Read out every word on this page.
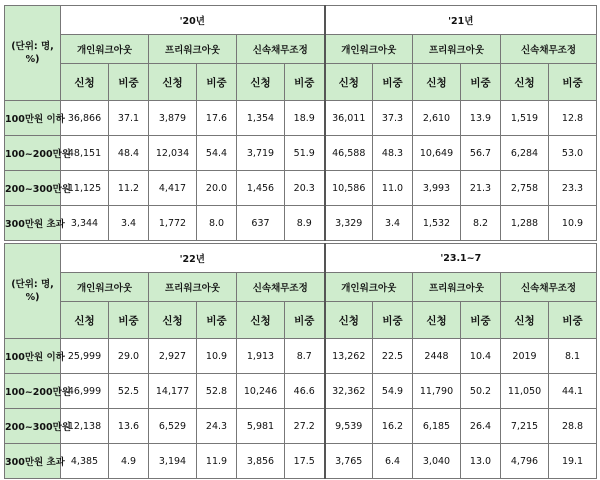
(단위: 명, %)	'20년						'21년					
	개인워크아웃		프리워크아웃		신속채무조정		개인워크아웃		프리워크아웃		신속채무조정	
	신청	비중	신청	비중	신청	비중	신청	비중	신청	비중	신청	비중
100만원 이하	36,866	37.1	3,879	17.6	1,354	18.9	36,011	37.3	2,610	13.9	1,519	12.8
100~200만원	48,151	48.4	12,034	54.4	3,719	51.9	46,588	48.3	10,649	56.7	6,284	53.0
200~300만원	11,125	11.2	4,417	20.0	1,456	20.3	10,586	11.0	3,993	21.3	2,758	23.3
300만원 초과	3,344	3.4	1,772	8.0	637	8.9	3,329	3.4	1,532	8.2	1,288	10.9
(단위: 명, %)	'22년						'23.1~7					
	개인워크아웃		프리워크아웃		신속채무조정		개인워크아웃		프리워크아웃		신속채무조정	
	신청	비중	신청	비중	신청	비중	신청	비중	신청	비중	신청	비중
100만원 이하	25,999	29.0	2,927	10.9	1,913	8.7	13,262	22.5	2448	10.4	2019	8.1
100~200만원	46,999	52.5	14,177	52.8	10,246	46.6	32,362	54.9	11,790	50.2	11,050	44.1
200~300만원	12,138	13.6	6,529	24.3	5,981	27.2	9,539	16.2	6,185	26.4	7,215	28.8
300만원 초과	4,385	4.9	3,194	11.9	3,856	17.5	3,765	6.4	3,040	13.0	4,796	19.1
